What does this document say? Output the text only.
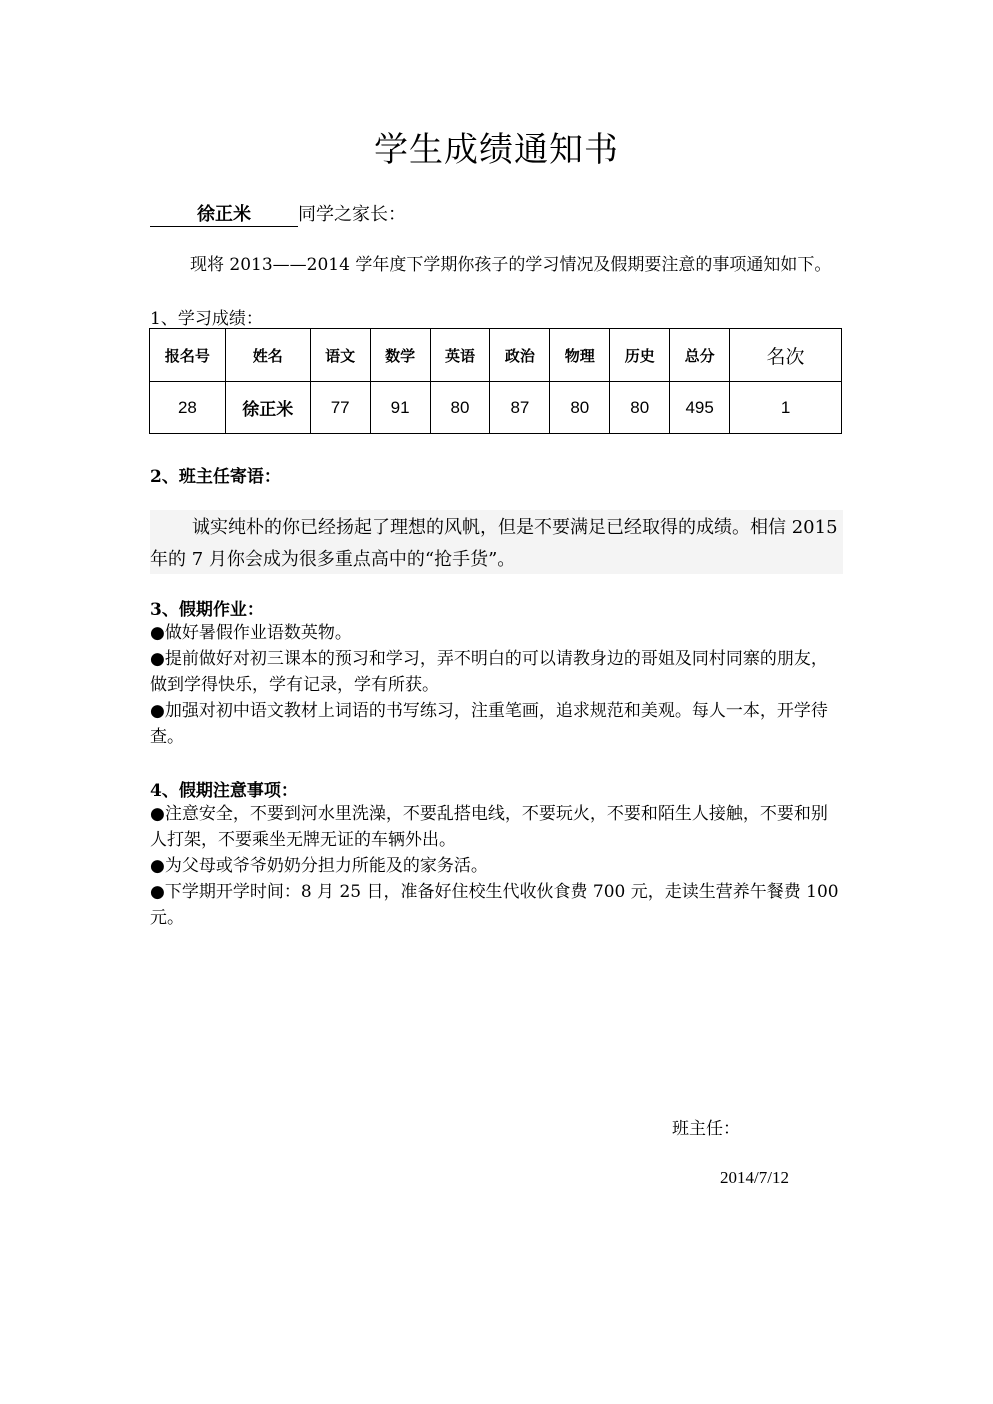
学生成绩通知书
徐正米	同学之家长：
现将 2013——2014 学年度下学期你孩子的学习情况及假期要注意的事项通知如下。
1、学习成绩：
报名号	姓名	语文	数学	英语	政治	物理	历史	总分	名次
28	徐正米	77	91	80	87	80	80	495	1
2、班主任寄语：
诚实纯朴的你已经扬起了理想的风帆，但是不要满足已经取得的成绩。相信 2015 年的 7 月你会成为很多重点高中的“抢手货”。
3、假期作业：

●做好暑假作业语数英物。

●提前做好对初三课本的预习和学习，弄不明白的可以请教身边的哥姐及同村同寨的朋友，做到学得快乐，学有记录，学有所获。

●加强对初中语文教材上词语的书写练习，注重笔画，追求规范和美观。每人一本，开学待查。

4、假期注意事项：

●注意安全，不要到河水里洗澡，不要乱搭电线，不要玩火，不要和陌生人接触，不要和别人打架，不要乘坐无牌无证的车辆外出。

●为父母或爷爷奶奶分担力所能及的家务活。

●下学期开学时间：8 月 25 日，准备好住校生代收伙食费 700 元，走读生营养午餐费 100 元。

班主任：
2014/7/12
